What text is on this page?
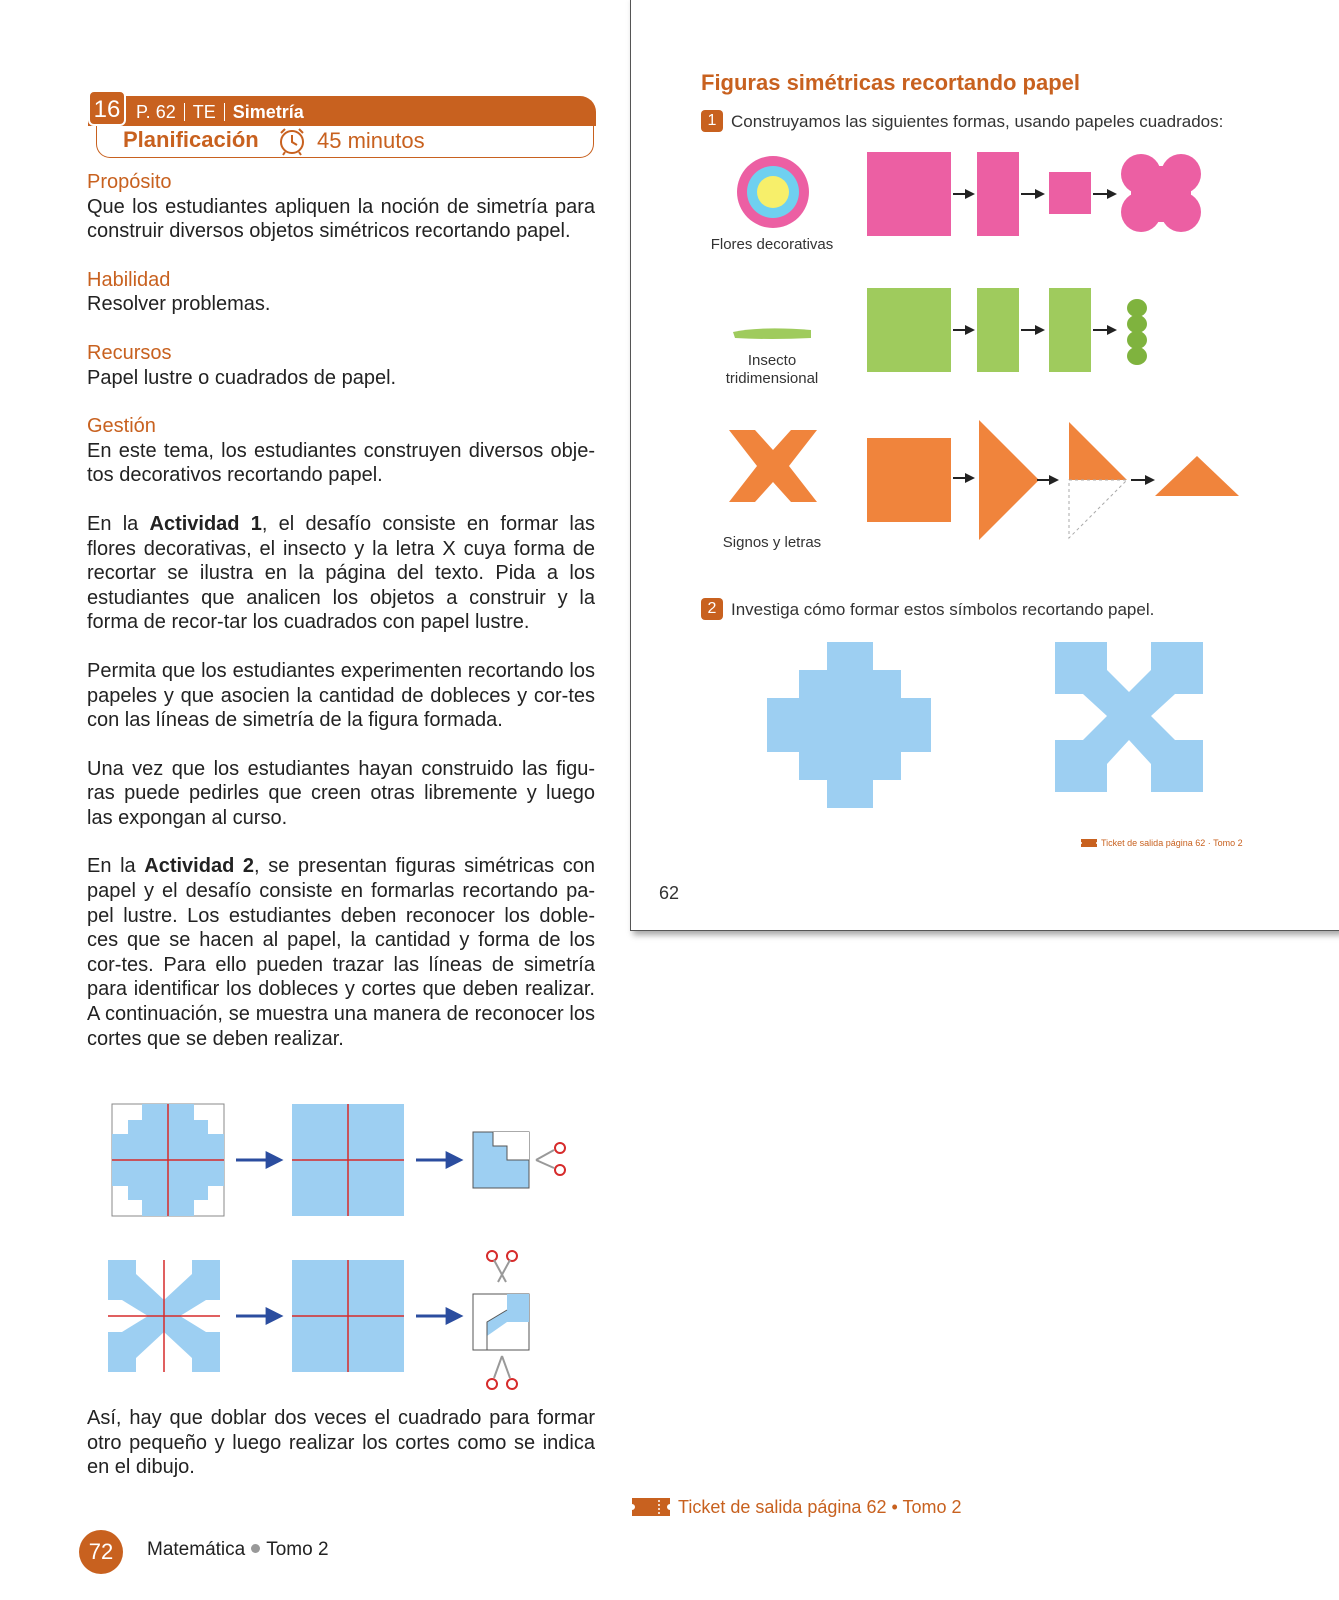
16 P. 62 TE Simetría
Planificación	45 minutos

Propósito

Que los estudiantes apliquen la noción de simetría para construir diversos objetos simétricos recortando papel.

Habilidad

Resolver problemas.

Recursos

Papel lustre o cuadrados de papel.

Gestión

En este tema, los estudiantes construyen diversos obje-tos decorativos recortando papel.

En la Actividad 1, el desafío consiste en formar las flores decorativas, el insecto y la letra X cuya forma de recortar se ilustra en la página del texto. Pida a los estudiantes que analicen los objetos a construir y la forma de recor-tar los cuadrados con papel lustre.

Permita que los estudiantes experimenten recortando los papeles y que asocien la cantidad de dobleces y cor-tes con las líneas de simetría de la figura formada.

Una vez que los estudiantes hayan construido las figu-ras puede pedirles que creen otras libremente y luego las expongan al curso.

En la Actividad 2, se presentan figuras simétricas con papel y el desafío consiste en formarlas recortando pa-pel lustre. Los estudiantes deben reconocer los doble-ces que se hacen al papel, la cantidad y forma de los cor-tes. Para ello pueden trazar las líneas de simetría para identificar los dobleces y cortes que deben realizar. A continuación, se muestra una manera de reconocer los cortes que se deben realizar.

Así, hay que doblar dos veces el cuadrado para formar otro pequeño y luego realizar los cortes como se indica en el dibujo.
Figuras simétricas recortando papel
1 Construyamos las siguientes formas, usando papeles cuadrados:
Flores decorativas
Insecto
tridimensional
Signos y letras
2 Investiga cómo formar estos símbolos recortando papel.
Ticket de salida página 62 · Tomo 2
62
Ticket de salida página 62 • Tomo 2
72	Matemática Tomo 2
